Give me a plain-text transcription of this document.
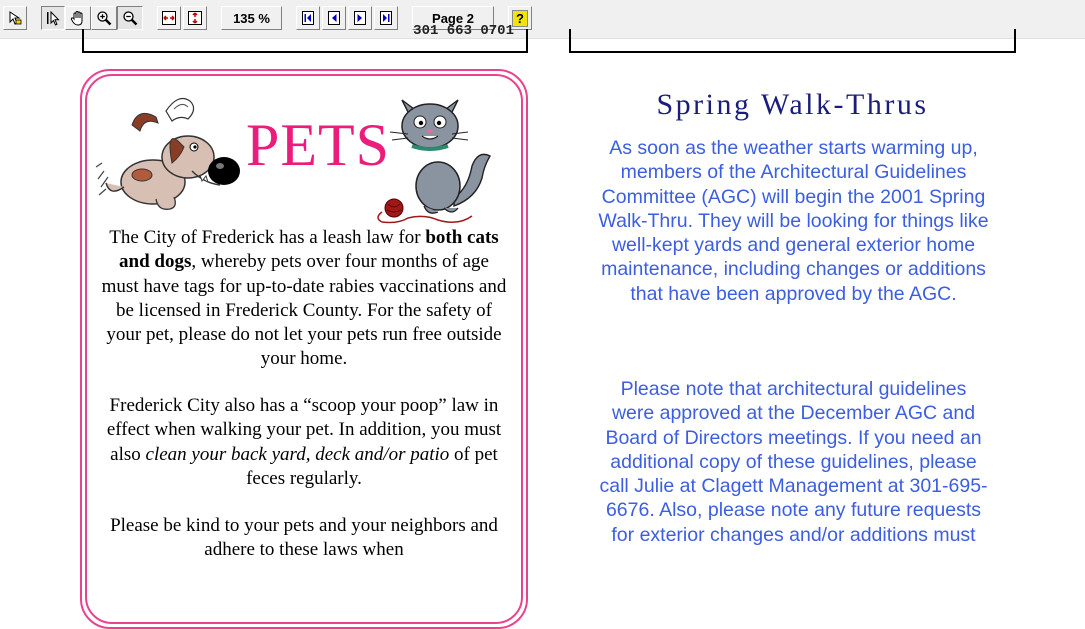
135 %	Page 2	?
301 663 0701
PETS
The City of Frederick has a leash law for both cats and dogs, whereby pets over four months of age must have tags for up-to-date rabies vaccinations and be licensed in Frederick County. For the safety of your pet, please do not let your pets run free outside your home.
Frederick City also has a “scoop your poop” law in effect when walking your pet. In addition, you must also clean your back yard, deck and/or patio of pet feces regularly.
Please be kind to your pets and your neighbors and adhere to these laws when
Spring Walk-Thrus
As soon as the weather starts warming up, members of the Architectural Guidelines Committee (AGC) will begin the 2001 Spring Walk-Thru. They will be looking for things like well-kept yards and general exterior home maintenance, including changes or additions that have been approved by the AGC.
Please note that architectural guidelines were approved at the December AGC and Board of Directors meetings. If you need an additional copy of these guidelines, please call Julie at Clagett Management at 301-695-6676. Also, please note any future requests for exterior changes and/or additions must
